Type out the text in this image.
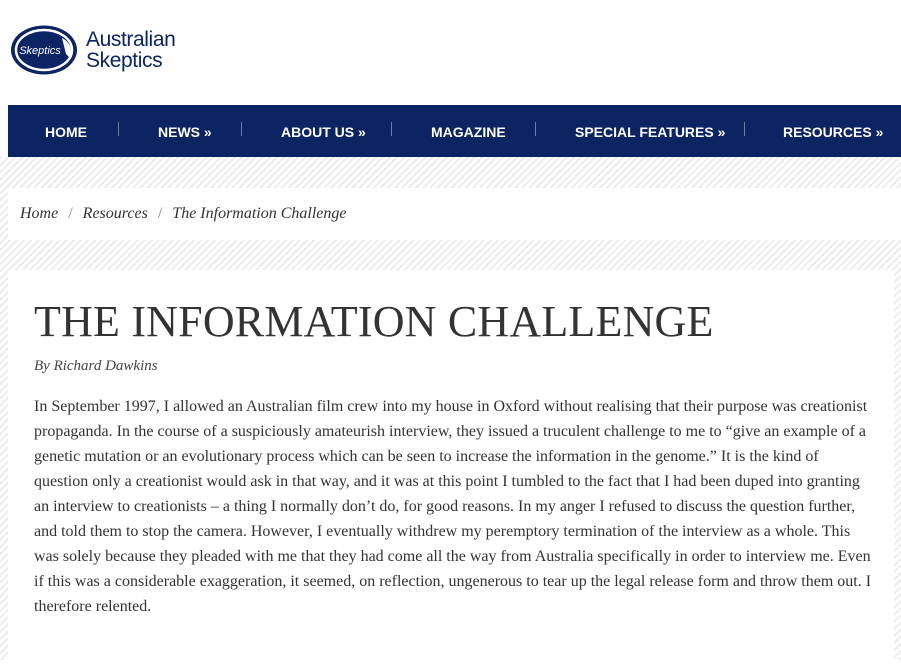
Skeptics Australian
Skeptics
HOME	NEWS »	ABOUT US »	MAGAZINE	SPECIAL FEATURES »	RESOURCES »
Home / Resources / The Information Challenge
THE INFORMATION CHALLENGE
By Richard Dawkins

In September 1997, I allowed an Australian film crew into my house in Oxford without realising that their purpose was creationist propaganda. In the course of a suspiciously amateurish interview, they issued a truculent challenge to me to “give an example of a genetic mutation or an evolutionary process which can be seen to increase the information in the genome.” It is the kind of question only a creationist would ask in that way, and it was at this point I tumbled to the fact that I had been duped into granting an interview to creationists – a thing I normally don’t do, for good reasons. In my anger I refused to discuss the question further, and told them to stop the camera. However, I eventually withdrew my peremptory termination of the interview as a whole. This was solely because they pleaded with me that they had come all the way from Australia specifically in order to interview me. Even if this was a considerable exaggeration, it seemed, on reflection, ungenerous to tear up the legal release form and throw them out. I therefore relented.
